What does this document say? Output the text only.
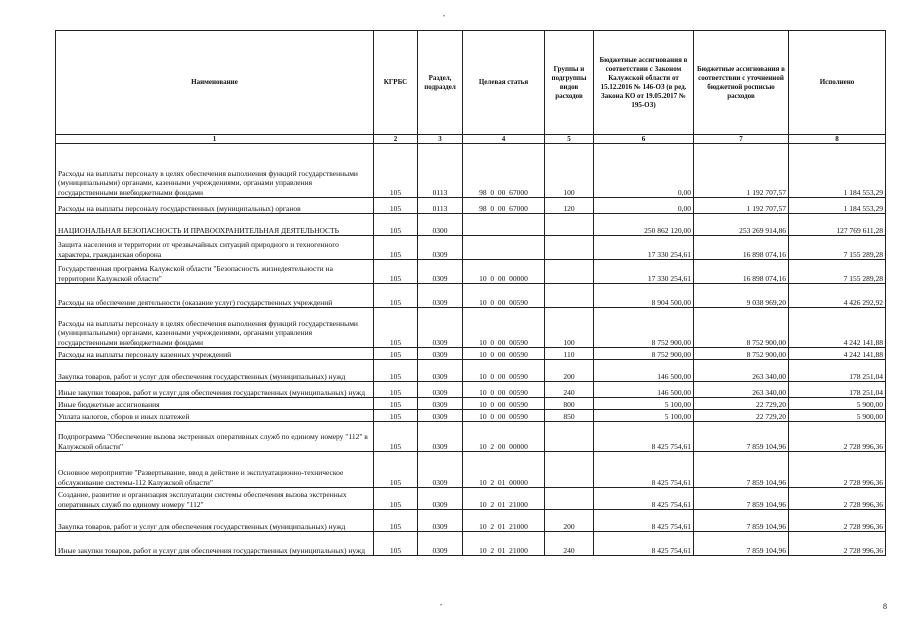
•
Наименование	КГРБС	Раздел, подраздел	Целевая статья	Группы и подгруппы видов расходов	Бюджетные ассигнования в соответствии с Законом Калужской области от 15.12.2016 № 146-ОЗ (в ред. Закона КО от 19.05.2017 № 195-ОЗ)	Бюджетные ассигнования в соответствии с уточненной бюджетной росписью расходов	Исполнено
1	2	3	4	5	6	7	8
Расходы на выплаты персоналу в целях обеспечения выполнения функций государственными (муниципальными) органами, казенными учреждениями, органами управления государственными внебюджетными фондами	105	0113	98  0  00  67000	100	0,00	1 192 707,57	1 184 553,29
Расходы на выплаты персоналу государственных (муниципальных) органов	105	0113	98  0  00  67000	120	0,00	1 192 707,57	1 184 553,29
НАЦИОНАЛЬНАЯ БЕЗОПАСНОСТЬ И ПРАВООХРАНИТЕЛЬНАЯ ДЕЯТЕЛЬНОСТЬ	105	0300			250 862 120,00	253 269 914,86	127 769 611,28
Защита населения и территории от чрезвычайных ситуаций природного и техногенного характера, гражданская оборона	105	0309			17 330 254,61	16 898 074,16	7 155 289,28
Государственная программа Калужской области "Безопасность жизнедеятельности на территории Калужской области"	105	0309	10  0  00  00000		17 330 254,61	16 898 074,16	7 155 289,28
Расходы на обеспечение деятельности (оказание услуг) государственных учреждений	105	0309	10  0  00  00590		8 904 500,00	9 038 969,20	4 426 292,92
Расходы на выплаты персоналу в целях обеспечения выполнения функций государственными (муниципальными) органами, казенными учреждениями, органами управления государственными внебюджетными фондами	105	0309	10  0  00  00590	100	8 752 900,00	8 752 900,00	4 242 141,88
Расходы на выплаты персоналу казенных учреждений	105	0309	10  0  00  00590	110	8 752 900,00	8 752 900,00	4 242 141,88
Закупка товаров, работ и услуг для обеспечения государственных (муниципальных) нужд	105	0309	10  0  00  00590	200	146 500,00	263 340,00	178 251,04
Иные закупки товаров, работ и услуг для обеспечения государственных (муниципальных) нужд	105	0309	10  0  00  00590	240	146 500,00	263 340,00	178 251,04
Иные бюджетные ассигнования	105	0309	10  0  00  00590	800	5 100,00	22 729,20	5 900,00
Уплата налогов, сборов и иных платежей	105	0309	10  0  00  00590	850	5 100,00	22 729,20	5 900,00
Подпрограмма "Обеспечение вызова экстренных оперативных служб по единому номеру "112" в Калужской области"	105	0309	10  2  00  00000		8 425 754,61	7 859 104,96	2 728 996,36
Основное мероприятие "Развертывание, ввод в действие и эксплуатационно-техническое обслуживание системы-112 Калужской области"	105	0309	10  2  01  00000		8 425 754,61	7 859 104,96	2 728 996,36
Создание, развитие и организация эксплуатации системы обеспечения вызова экстренных оперативных служб по единому номеру "112"	105	0309	10  2  01  21000		8 425 754,61	7 859 104,96	2 728 996,36
Закупка товаров, работ и услуг для обеспечения государственных (муниципальных) нужд	105	0309	10  2  01  21000	200	8 425 754,61	7 859 104,96	2 728 996,36
Иные закупки товаров, работ и услуг для обеспечения государственных (муниципальных) нужд	105	0309	10  2  01  21000	240	8 425 754,61	7 859 104,96	2 728 996,36
•	8
